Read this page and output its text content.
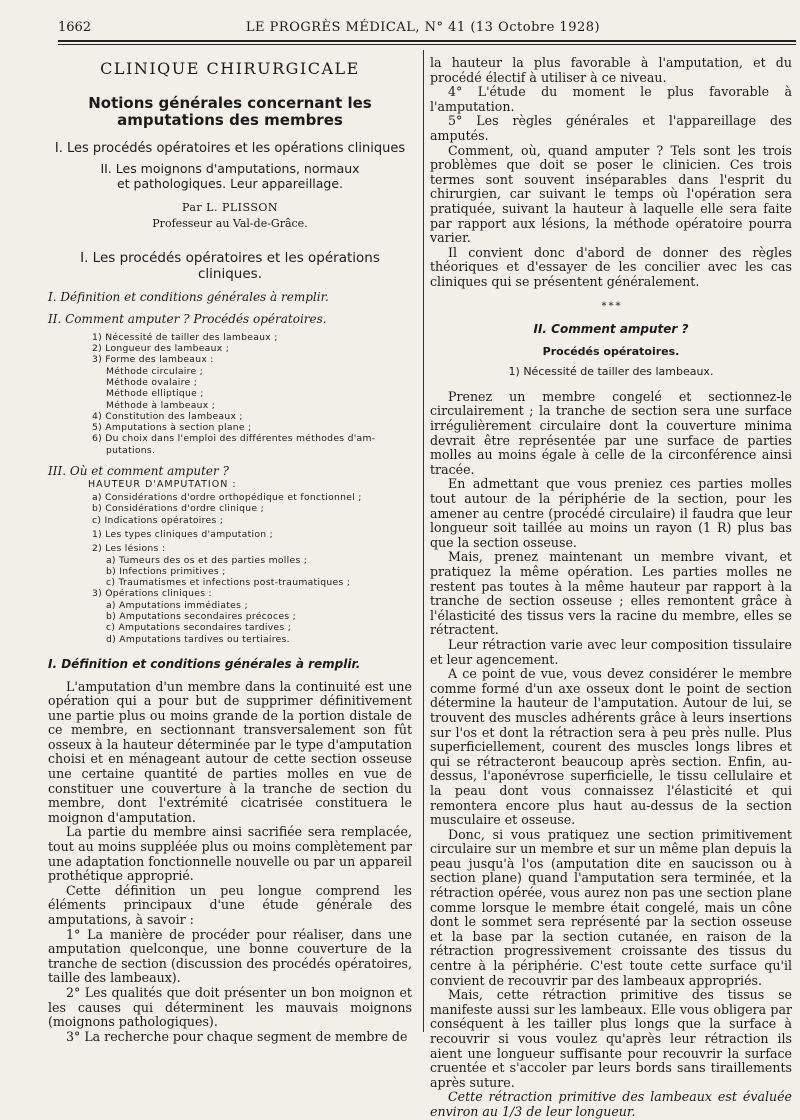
1662	LE PROGRÈS MÉDICAL, N° 41 (13 Octobre 1928)
CLINIQUE CHIRURGICALE
Notions générales concernant les
amputations des membres
I. Les procédés opératoires et les opérations cliniques
II. Les moignons d'amputations, normaux
et pathologiques. Leur appareillage.
Par L. PLISSON
Professeur au Val-de-Grâce.
I. Les procédés opératoires et les opérations
cliniques.
I. Définition et conditions générales à remplir.
II. Comment amputer ? Procédés opératoires.
1) Nécessité de tailler des lambeaux ;
2) Longueur des lambeaux ;
3) Forme des lambeaux :
Méthode circulaire ;
Méthode ovalaire ;
Méthode elliptique ;
Méthode à lambeaux ;
4) Constitution des lambeaux ;
5) Amputations à section plane ;
6) Du choix dans l'emploi des différentes méthodes d'am-
putations.
III. Où et comment amputer ?
HAUTEUR D'AMPUTATION :
a) Considérations d'ordre orthopédique et fonctionnel ;
b) Considérations d'ordre clinique ;
c) Indications opératoires ;
1) Les types cliniques d'amputation ;
2) Les lésions :
a) Tumeurs des os et des parties molles ;
b) Infections primitives ;
c) Traumatismes et infections post-traumatiques ;
3) Opérations cliniques :
a) Amputations immédiates ;
b) Amputations secondaires précoces ;
c) Amputations secondaires tardives ;
d) Amputations tardives ou tertiaires.
I. Définition et conditions générales à remplir.

L'amputation d'un membre dans la continuité est une opération qui a pour but de supprimer définitivement une partie plus ou moins grande de la portion distale de ce membre, en sectionnant transversalement son fût osseux à la hauteur déterminée par le type d'amputation choisi et en ménageant autour de cette section osseuse une certaine quantité de parties molles en vue de constituer une couverture à la tranche de section du membre, dont l'extrémité cicatrisée constituera le moignon d'amputation.

La partie du membre ainsi sacrifiée sera remplacée, tout au moins suppléée plus ou moins complètement par une adaptation fonctionnelle nouvelle ou par un appareil prothétique approprié.

Cette définition un peu longue comprend les éléments principaux d'une étude générale des amputations, à savoir :

1° La manière de procéder pour réaliser, dans une amputation quelconque, une bonne couverture de la tranche de section (discussion des procédés opératoires, taille des lambeaux).

2° Les qualités que doit présenter un bon moignon et les causes qui déterminent les mauvais moignons (moignons pathologiques).

3° La recherche pour chaque segment de membre de

la hauteur la plus favorable à l'amputation, et du procédé électif à utiliser à ce niveau.

4° L'étude du moment le plus favorable à l'amputation.

5° Les règles générales et l'appareillage des amputés.

Comment, où, quand amputer ? Tels sont les trois problèmes que doit se poser le clinicien. Ces trois termes sont souvent inséparables dans l'esprit du chirurgien, car suivant le temps où l'opération sera pratiquée, suivant la hauteur à laquelle elle sera faite par rapport aux lésions, la méthode opératoire pourra varier.

Il convient donc d'abord de donner des règles théoriques et d'essayer de les concilier avec les cas cliniques qui se présentent généralement.

* * *
II. Comment amputer ?
Procédés opératoires.
1) Nécessité de tailler des lambeaux.

Prenez un membre congelé et sectionnez-le circulairement ; la tranche de section sera une surface irrégulièrement circulaire dont la couverture minima devrait être représentée par une surface de parties molles au moins égale à celle de la circonférence ainsi tracée.

En admettant que vous preniez ces parties molles tout autour de la périphérie de la section, pour les amener au centre (procédé circulaire) il faudra que leur longueur soit taillée au moins un rayon (1 R) plus bas que la section osseuse.

Mais, prenez maintenant un membre vivant, et pratiquez la même opération. Les parties molles ne restent pas toutes à la même hauteur par rapport à la tranche de section osseuse ; elles remontent grâce à l'élasticité des tissus vers la racine du membre, elles se rétractent.

Leur rétraction varie avec leur composition tissulaire et leur agencement.

A ce point de vue, vous devez considérer le membre comme formé d'un axe osseux dont le point de section détermine la hauteur de l'amputation. Autour de lui, se trouvent des muscles adhérents grâce à leurs insertions sur l'os et dont la rétraction sera à peu près nulle. Plus superficiellement, courent des muscles longs libres et qui se rétracteront beaucoup après section. Enfin, au-dessus, l'aponévrose superficielle, le tissu cellulaire et la peau dont vous connaissez l'élasticité et qui remontera encore plus haut au-dessus de la section musculaire et osseuse.

Donc, si vous pratiquez une section primitivement circulaire sur un membre et sur un même plan depuis la peau jusqu'à l'os (amputation dite en saucisson ou à section plane) quand l'amputation sera terminée, et la rétraction opérée, vous aurez non pas une section plane comme lorsque le membre était congelé, mais un cône dont le sommet sera représenté par la section osseuse et la base par la section cutanée, en raison de la rétraction progressivement croissante des tissus du centre à la périphérie. C'est toute cette surface qu'il convient de recouvrir par des lambeaux appropriés.

Mais, cette rétraction primitive des tissus se manifeste aussi sur les lambeaux. Elle vous obligera par conséquent à les tailler plus longs que la surface à recouvrir si vous voulez qu'après leur rétraction ils aient une longueur suffisante pour recouvrir la surface cruentée et s'accoler par leurs bords sans tiraillements après suture.

Cette rétraction primitive des lambeaux est évaluée environ au 1/3 de leur longueur.
